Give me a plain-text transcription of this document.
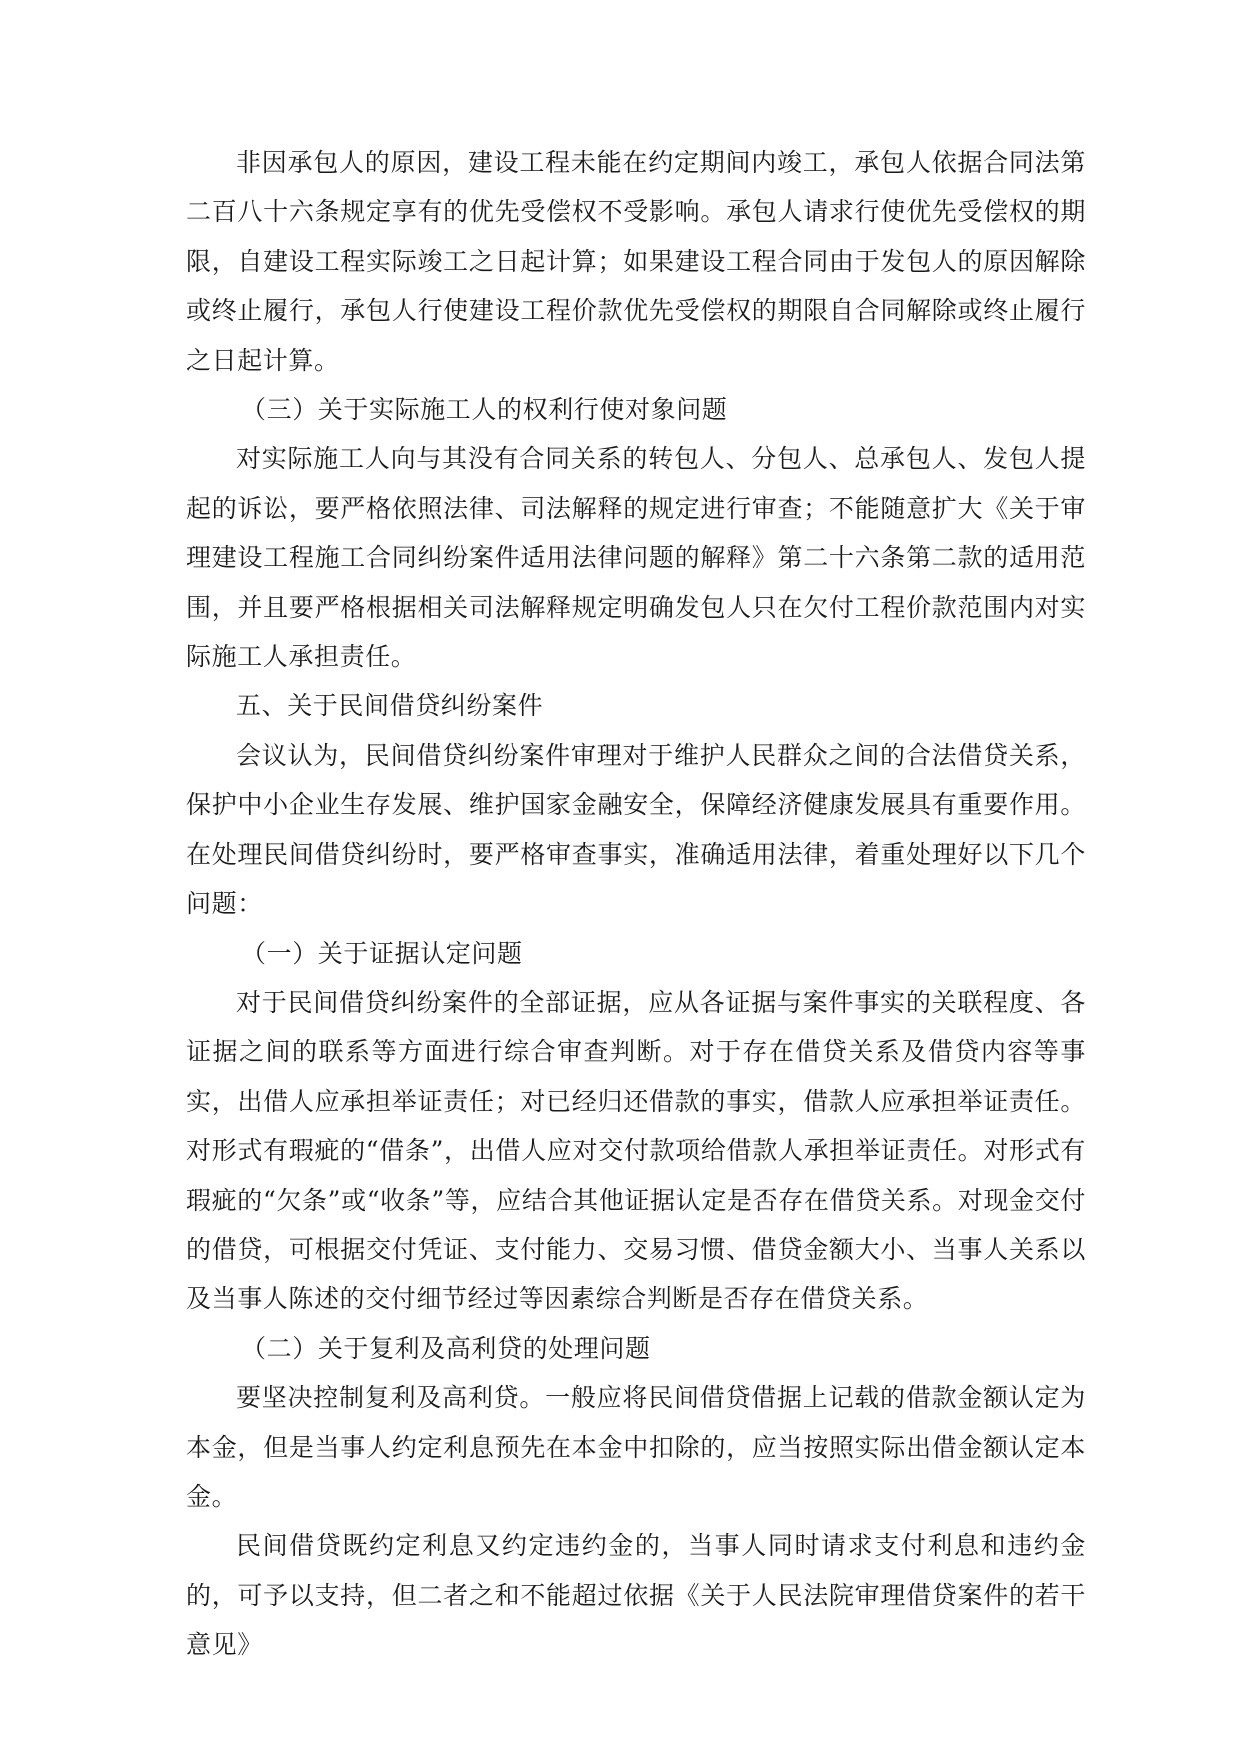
非因承包人的原因，建设工程未能在约定期间内竣工，承包人依据合同法第二百八十六条规定享有的优先受偿权不受影响。承包人请求行使优先受偿权的期限，自建设工程实际竣工之日起计算；如果建设工程合同由于发包人的原因解除或终止履行，承包人行使建设工程价款优先受偿权的期限自合同解除或终止履行之日起计算。

（三）关于实际施工人的权利行使对象问题

对实际施工人向与其没有合同关系的转包人、分包人、总承包人、发包人提起的诉讼，要严格依照法律、司法解释的规定进行审查；不能随意扩大《关于审理建设工程施工合同纠纷案件适用法律问题的解释》第二十六条第二款的适用范围，并且要严格根据相关司法解释规定明确发包人只在欠付工程价款范围内对实际施工人承担责任。

五、关于民间借贷纠纷案件

会议认为，民间借贷纠纷案件审理对于维护人民群众之间的合法借贷关系，保护中小企业生存发展、维护国家金融安全，保障经济健康发展具有重要作用。在处理民间借贷纠纷时，要严格审查事实，准确适用法律，着重处理好以下几个问题：

（一）关于证据认定问题

对于民间借贷纠纷案件的全部证据，应从各证据与案件事实的关联程度、各证据之间的联系等方面进行综合审查判断。对于存在借贷关系及借贷内容等事实，出借人应承担举证责任；对已经归还借款的事实，借款人应承担举证责任。对形式有瑕疵的“借条”，出借人应对交付款项给借款人承担举证责任。对形式有瑕疵的“欠条”或“收条”等，应结合其他证据认定是否存在借贷关系。对现金交付的借贷，可根据交付凭证、支付能力、交易习惯、借贷金额大小、当事人关系以及当事人陈述的交付细节经过等因素综合判断是否存在借贷关系。

（二）关于复利及高利贷的处理问题

要坚决控制复利及高利贷。一般应将民间借贷借据上记载的借款金额认定为本金，但是当事人约定利息预先在本金中扣除的，应当按照实际出借金额认定本金。

民间借贷既约定利息又约定违约金的，当事人同时请求支付利息和违约金的，可予以支持，但二者之和不能超过依据《关于人民法院审理借贷案件的若干意见》
